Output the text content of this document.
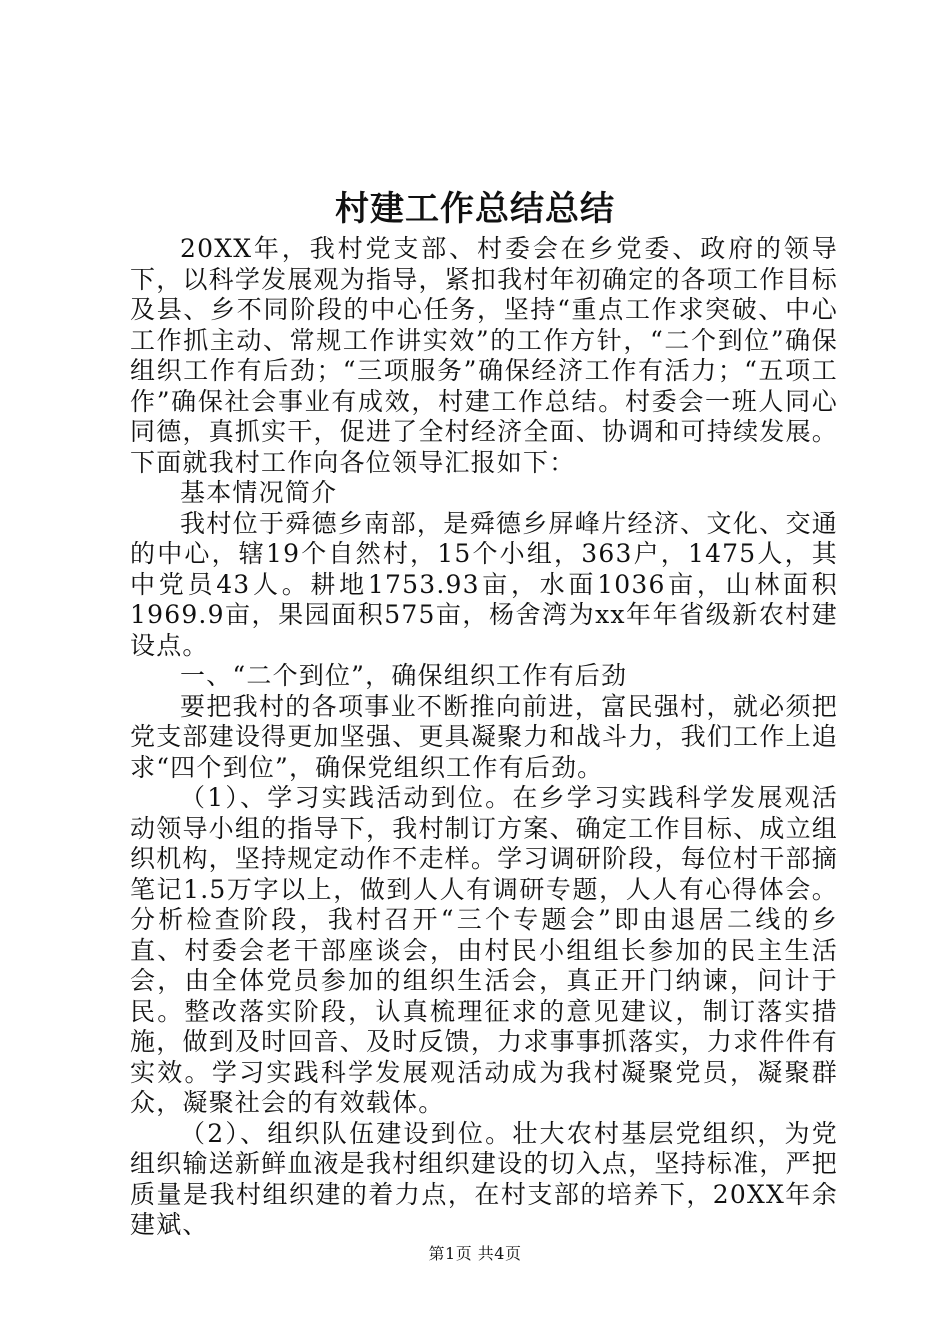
村建工作总结总结

20XX年，我村党支部、村委会在乡党委、政府的领导下，以科学发展观为指导，紧扣我村年初确定的各项工作目标及县、乡不同阶段的中心任务，坚持“重点工作求突破、中心工作抓主动、常规工作讲实效”的工作方针，“二个到位”确保组织工作有后劲；“三项服务”确保经济工作有活力；“五项工作”确保社会事业有成效，村建工作总结。村委会一班人同心同德，真抓实干，促进了全村经济全面、协调和可持续发展。下面就我村工作向各位领导汇报如下：

基本情况简介

我村位于舜德乡南部，是舜德乡屏峰片经济、文化、交通的中心，辖19个自然村，15个小组，363户，1475人，其中党员43人。耕地1753.93亩，水面1036亩，山林面积1969.9亩，果园面积575亩，杨舍湾为xx年年省级新农村建设点。

一、“二个到位”，确保组织工作有后劲

要把我村的各项事业不断推向前进，富民强村，就必须把党支部建设得更加坚强、更具凝聚力和战斗力，我们工作上追求“四个到位”，确保党组织工作有后劲。

（1）、学习实践活动到位。在乡学习实践科学发展观活动领导小组的指导下，我村制订方案、确定工作目标、成立组织机构，坚持规定动作不走样。学习调研阶段，每位村干部摘笔记1.5万字以上，做到人人有调研专题，人人有心得体会。分析检查阶段，我村召开“三个专题会”即由退居二线的乡直、村委会老干部座谈会，由村民小组组长参加的民主生活会，由全体党员参加的组织生活会，真正开门纳谏，问计于民。整改落实阶段，认真梳理征求的意见建议，制订落实措施，做到及时回音、及时反馈，力求事事抓落实，力求件件有实效。学习实践科学发展观活动成为我村凝聚党员，凝聚群众，凝聚社会的有效载体。

（2）、组织队伍建设到位。壮大农村基层党组织，为党组织输送新鲜血液是我村组织建设的切入点，坚持标准，严把质量是我村组织建的着力点，在村支部的培养下，20XX年余建斌、

第1页 共4页
